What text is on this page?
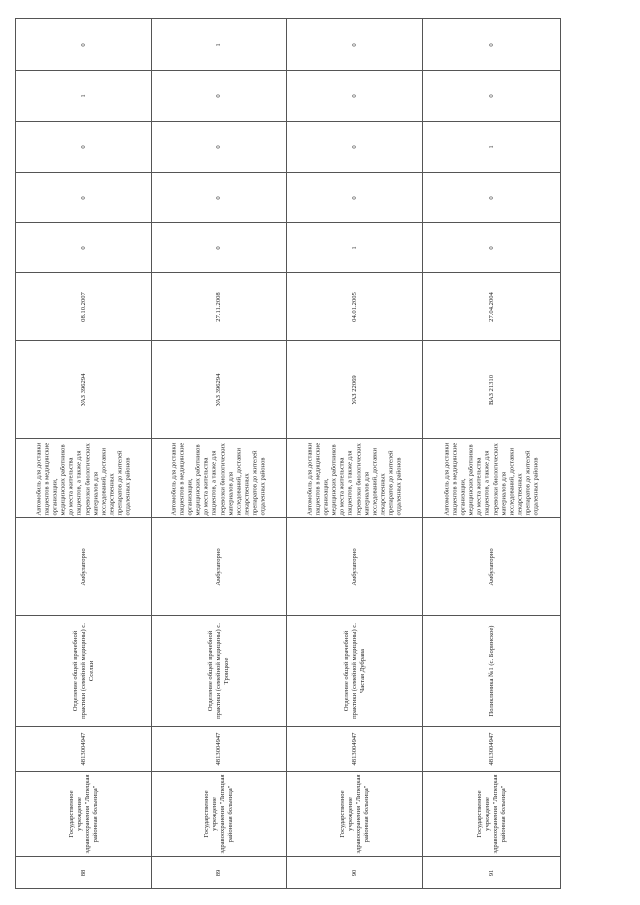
0
1
0
0
0
08.10.2007
УАЗ 396294
Автомобиль для доставки пациентов в медицинские организации, медицинских работников до места жительства пациентов, а также для перевозки биологических материалов для исследований, доставки лекарственных препаратов до жителей отдаленных районов
Амбулаторно
Отделение общей врачебной практики (семейной медицины) с. Сселки
4813004947
Государственное учреждение здравоохранения "Липецкая районная больница"
88
1
0
0
0
0
27.11.2008
УАЗ 396294
Автомобиль для доставки пациентов в медицинские организации, медицинских работников до места жительства пациентов, а также для перевозки биологических материалов для исследований, доставки лекарственных препаратов до жителей отдаленных районов
Амбулаторно
Отделение общей врачебной практики (семейной медицины) с. Троицкое
4813004947
Государственное учреждение здравоохранения "Липецкая районная больница"
89
0
0
0
0
1
04.01.2005
УАЗ 22069
Автомобиль для доставки пациентов в медицинские организации, медицинских работников до места жительства пациентов, а также для перевозки биологических материалов для исследований, доставки лекарственных препаратов до жителей отдаленных районов
Амбулаторно
Отделение общей врачебной практики (семейной медицины) с. Частая Дубрава
4813004947
Государственное учреждение здравоохранения "Липецкая районная больница"
90
0
0
1
0
0
27.04.2004
ВАЗ 21310
Автомобиль для доставки пациентов в медицинские организации, медицинских работников до места жительства пациентов, а также для перевозки биологических материалов для исследований, доставки лекарственных препаратов до жителей отдаленных районов
Амбулаторно
Поликлиника №1 (с. Боринское)
4813004947
Государственное учреждение здравоохранения "Липецкая районная больница"
91
